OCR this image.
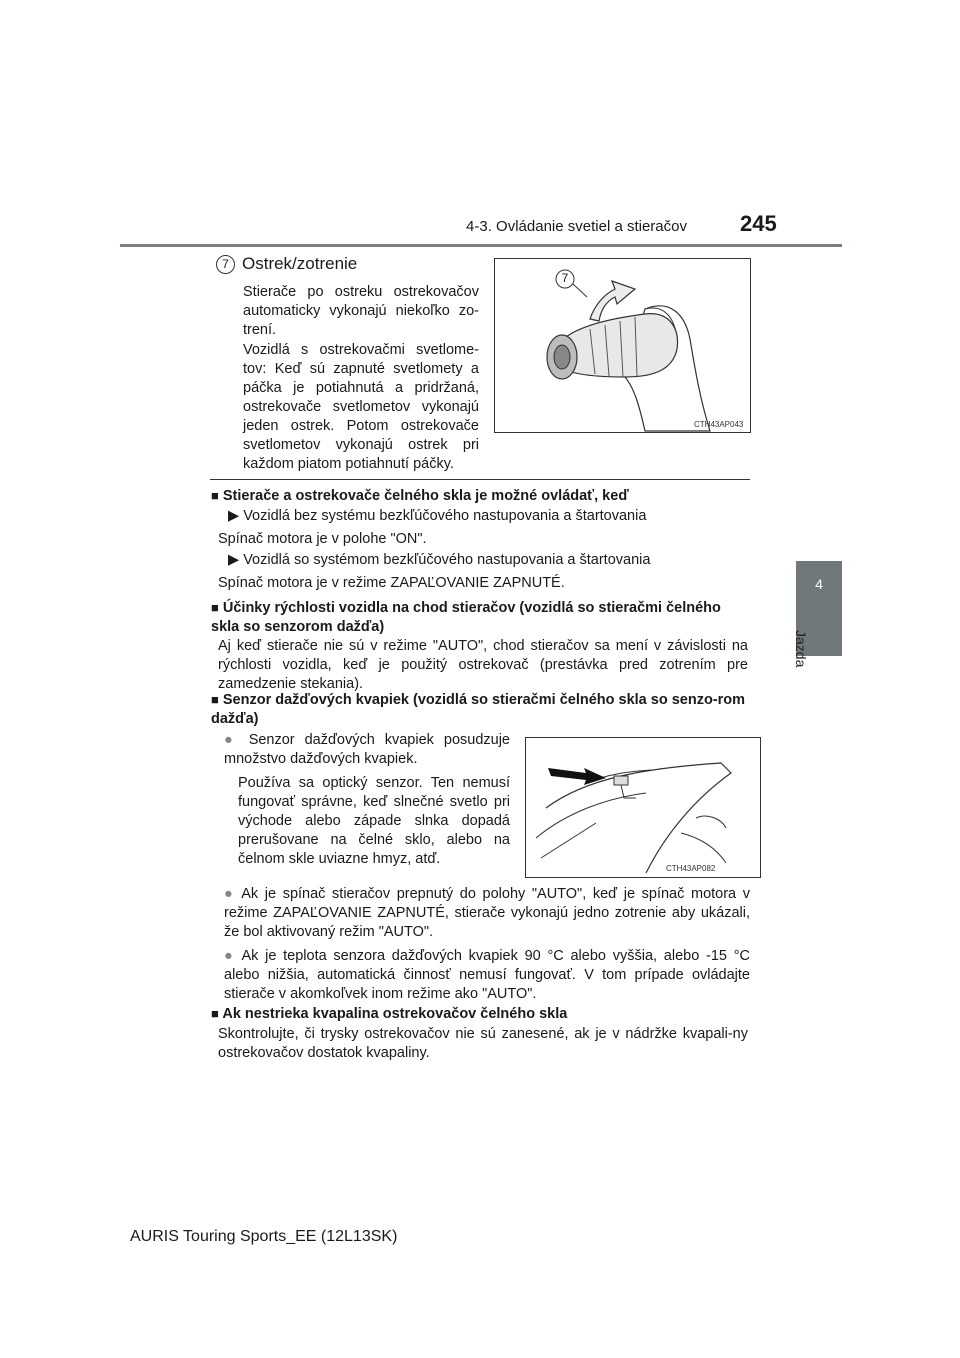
4-3. Ovládanie svetiel a stieračov 245
4
Jazda
7 Ostrek/zotrenie
Stierače po ostreku ostrekovačov automaticky vykonajú niekoľko zo-trení.
Vozidlá s ostrekovačmi svetlome-tov: Keď sú zapnuté svetlomety a páčka je potiahnutá a pridržaná, ostrekovače svetlometov vykonajú jeden ostrek. Potom ostrekovače svetlometov vykonajú ostrek pri každom piatom potiahnutí páčky.
7
CTH43AP043
■ Stierače a ostrekovače čelného skla je možné ovládať, keď
▶ Vozidlá bez systému bezkľúčového nastupovania a štartovania
Spínač motora je v polohe "ON".
▶ Vozidlá so systémom bezkľúčového nastupovania a štartovania
Spínač motora je v režime ZAPAĽOVANIE ZAPNUTÉ.
■ Účinky rýchlosti vozidla na chod stieračov (vozidlá so stieračmi čelného skla so senzorom dažďa)
Aj keď stierače nie sú v režime "AUTO", chod stieračov sa mení v závislosti na rýchlosti vozidla, keď je použitý ostrekovač (prestávka pred zotrením pre zamedzenie stekania).
■ Senzor dažďových kvapiek (vozidlá so stieračmi čelného skla so senzo-rom dažďa)
● Senzor dažďových kvapiek posudzuje množstvo dažďových kvapiek.
Používa sa optický senzor. Ten nemusí fungovať správne, keď slnečné svetlo pri východe alebo západe slnka dopadá prerušovane na čelné sklo, alebo na čelnom skle uviazne hmyz, atď.
CTH43AP082
● Ak je spínač stieračov prepnutý do polohy "AUTO", keď je spínač motora v režime ZAPAĽOVANIE ZAPNUTÉ, stierače vykonajú jedno zotrenie aby ukázali, že bol aktivovaný režim "AUTO".
● Ak je teplota senzora dažďových kvapiek 90 °C alebo vyššia, alebo -15 °C alebo nižšia, automatická činnosť nemusí fungovať. V tom prípade ovládajte stierače v akomkoľvek inom režime ako "AUTO".
■ Ak nestrieka kvapalina ostrekovačov čelného skla
Skontrolujte, či trysky ostrekovačov nie sú zanesené, ak je v nádržke kvapali-ny ostrekovačov dostatok kvapaliny.
AURIS Touring Sports_EE (12L13SK)
